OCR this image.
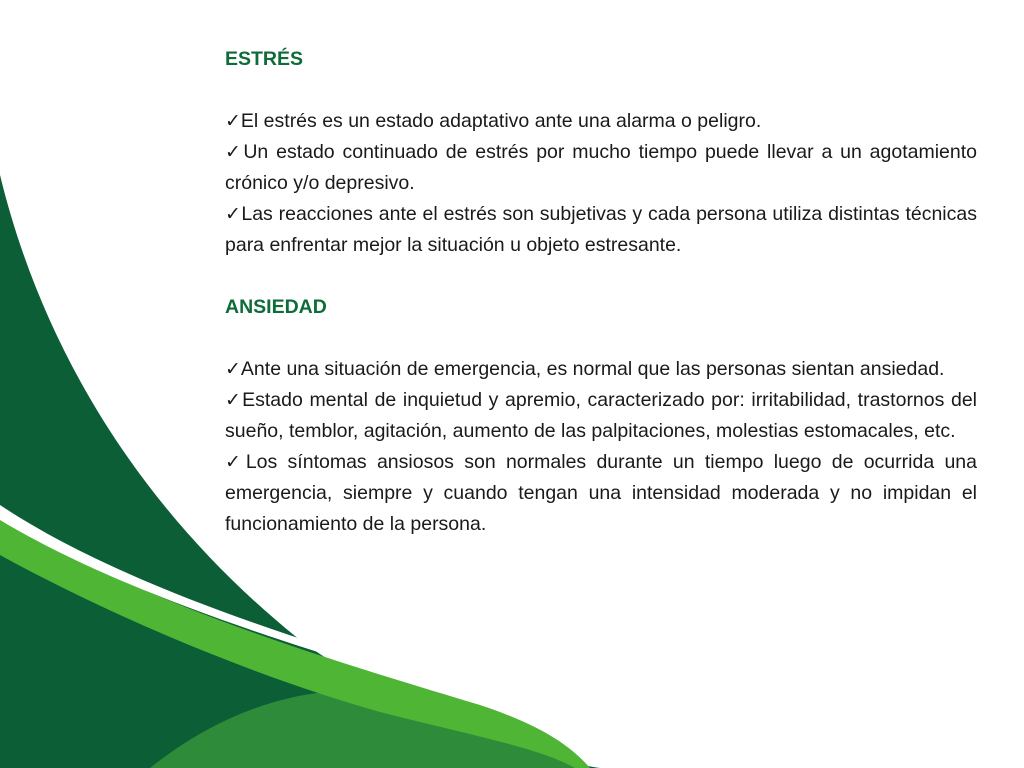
ESTRÉS

✓El estrés es un estado adaptativo ante una alarma o peligro.

✓Un estado continuado de estrés por mucho tiempo puede llevar a un agotamiento crónico y/o depresivo.

✓Las reacciones ante el estrés son subjetivas y cada persona utiliza distintas técnicas para enfrentar mejor la situación u objeto estresante.

ANSIEDAD

✓Ante una situación de emergencia, es normal que las personas sientan ansiedad.

✓Estado mental de inquietud y apremio, caracterizado por: irritabilidad, trastornos del sueño, temblor, agitación, aumento de las palpitaciones, molestias estomacales, etc.

✓Los síntomas ansiosos son normales durante un tiempo luego de ocurrida una emergencia, siempre y cuando tengan una intensidad moderada y no impidan el funcionamiento de la persona.
